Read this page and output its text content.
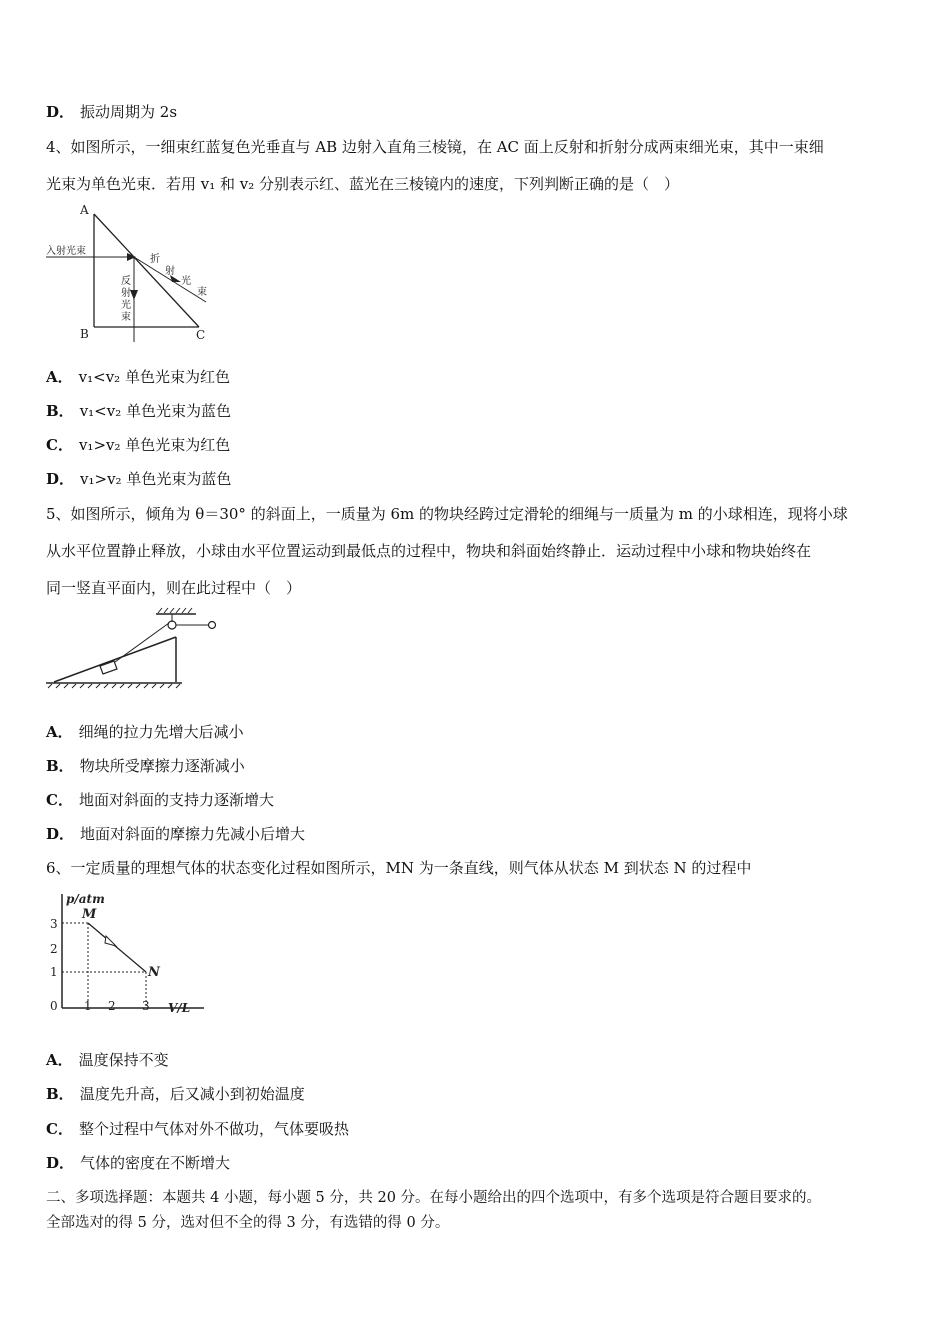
D． 振动周期为 2s
4、如图所示，一细束红蓝复色光垂直与 AB 边射入直角三棱镜，在 AC 面上反射和折射分成两束细光束，其中一束细
光束为单色光束．若用 v₁ 和 v₂ 分别表示红、蓝光在三棱镜内的速度，下列判断正确的是（　）
A
B	C
入射光束
折
射
光
束
反
射
光
束
A． v₁<v₂ 单色光束为红色
B． v₁<v₂ 单色光束为蓝色
C． v₁>v₂ 单色光束为红色
D． v₁>v₂ 单色光束为蓝色
5、如图所示，倾角为 θ＝30° 的斜面上，一质量为 6m 的物块经跨过定滑轮的细绳与一质量为 m 的小球相连，现将小球
从水平位置静止释放，小球由水平位置运动到最低点的过程中，物块和斜面始终静止．运动过程中小球和物块始终在
同一竖直平面内，则在此过程中（　）
A． 细绳的拉力先增大后减小
B． 物块所受摩擦力逐渐减小
C． 地面对斜面的支持力逐渐增大
D． 地面对斜面的摩擦力先减小后增大
6、一定质量的理想气体的状态变化过程如图所示，MN 为一条直线，则气体从状态 M 到状态 N 的过程中
p/atm
V/L
0
3
2
1
1 2 3
M
N
A． 温度保持不变
B． 温度先升高，后又减小到初始温度
C． 整个过程中气体对外不做功，气体要吸热
D． 气体的密度在不断增大
二、多项选择题：本题共 4 小题，每小题 5 分，共 20 分。在每小题给出的四个选项中，有多个选项是符合题目要求的。
全部选对的得 5 分，选对但不全的得 3 分，有选错的得 0 分。
